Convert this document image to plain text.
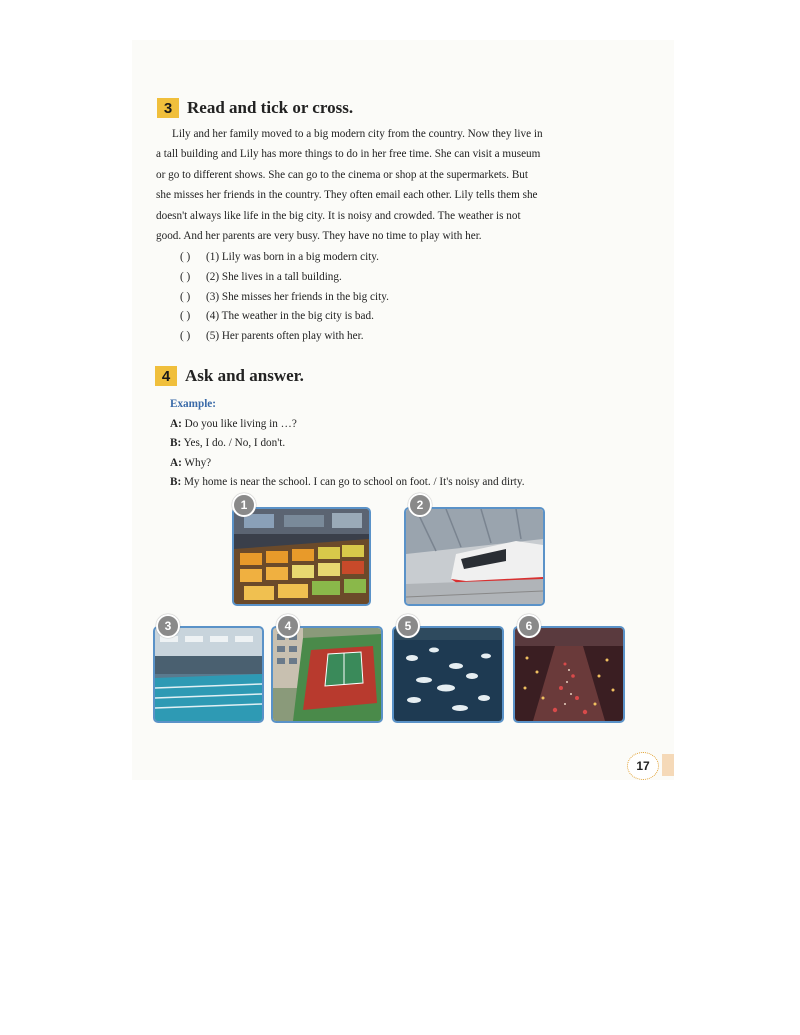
3 Read and tick or cross.
Lily and her family moved to a big modern city from the country. Now they live in
a tall building and Lily has more things to do in her free time. She can visit a museum
or go to different shows. She can go to the cinema or shop at the supermarkets. But
she misses her friends in the country. They often email each other. Lily tells them she
doesn't always like life in the big city. It is noisy and crowded. The weather is not
good. And her parents are very busy. They have no time to play with her.
( ) (1) Lily was born in a big modern city.
( ) (2) She lives in a tall building.
( ) (3) She misses her friends in the big city.
( ) (4) The weather in the big city is bad.
( ) (5) Her parents often play with her.
4 Ask and answer.
Example:
A: Do you like living in …?
B: Yes, I do. / No, I don't.
A: Why?
B: My home is near the school. I can go to school on foot. / It's noisy and dirty.
1	2
3	4	5	6
17
